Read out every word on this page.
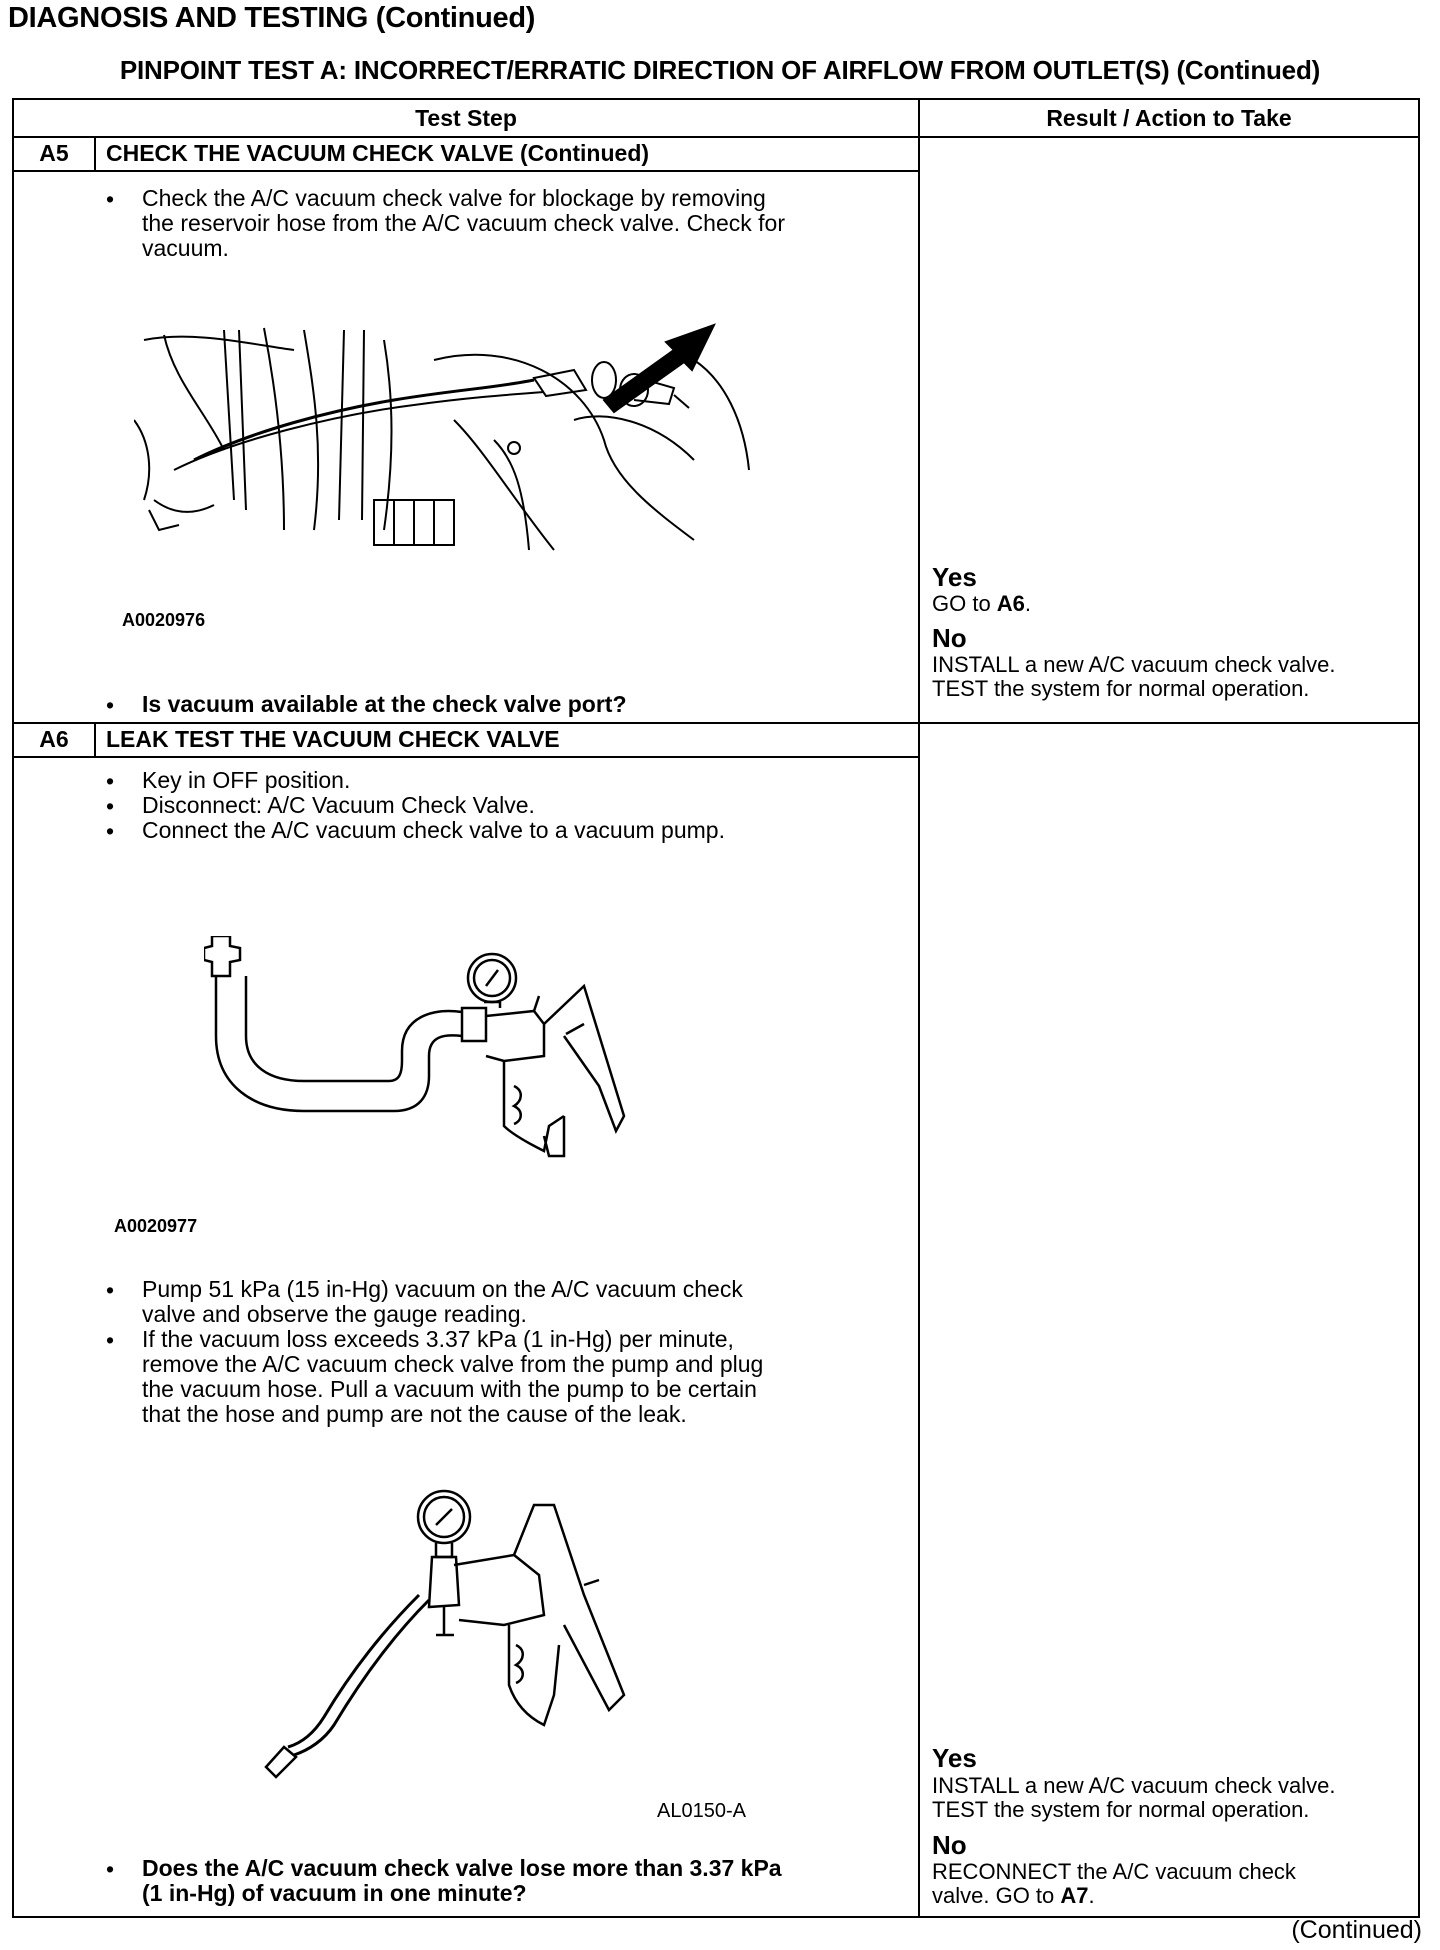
DIAGNOSIS AND TESTING (Continued)
PINPOINT TEST A: INCORRECT/ERRATIC DIRECTION OF AIRFLOW FROM OUTLET(S) (Continued)
Test Step	Result / Action to Take
A5	CHECK THE VACUUM CHECK VALVE (Continued)
• Check the A/C vacuum check valve for blockage by removing
the reservoir hose from the A/C vacuum check valve. Check for
vacuum.
A0020976
• Is vacuum available at the check valve port?
Yes
GO to A6.
No
INSTALL a new A/C vacuum check valve.
TEST the system for normal operation.
A6	LEAK TEST THE VACUUM CHECK VALVE
• Key in OFF position.
• Disconnect: A/C Vacuum Check Valve.
• Connect the A/C vacuum check valve to a vacuum pump.
A0020977
• Pump 51 kPa (15 in-Hg) vacuum on the A/C vacuum check
valve and observe the gauge reading.
• If the vacuum loss exceeds 3.37 kPa (1 in-Hg) per minute,
remove the A/C vacuum check valve from the pump and plug
the vacuum hose. Pull a vacuum with the pump to be certain
that the hose and pump are not the cause of the leak.
AL0150-A
• Does the A/C vacuum check valve lose more than 3.37 kPa
(1 in-Hg) of vacuum in one minute?
Yes
INSTALL a new A/C vacuum check valve.
TEST the system for normal operation.
No
RECONNECT the A/C vacuum check
valve. GO to A7.
(Continued)
